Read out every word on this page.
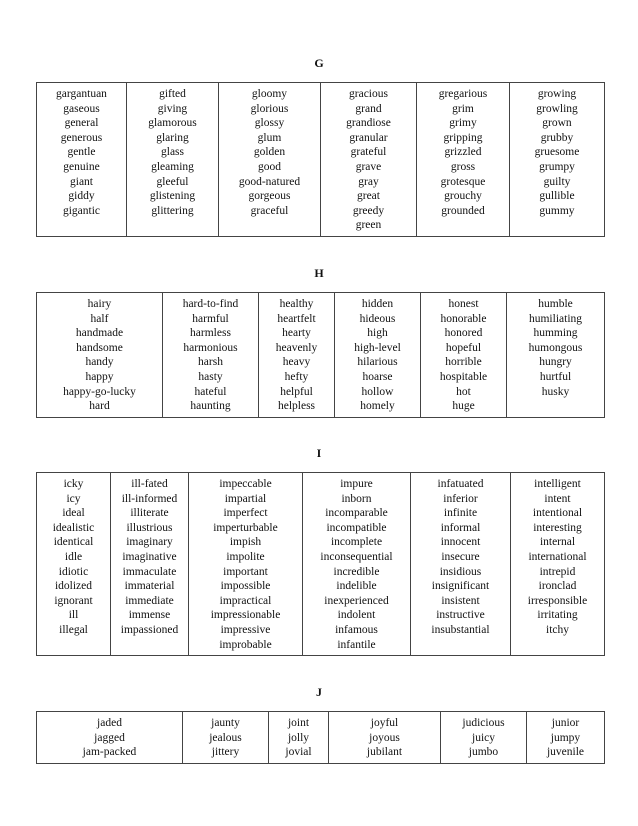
G
gargantuan
gaseous
general
generous
gentle
genuine
giant
giddy
gigantic

gifted
giving
glamorous
glaring
glass
gleaming
gleeful
glistening
glittering

gloomy
glorious
glossy
glum
golden
good
good-natured
gorgeous
graceful

gracious
grand
grandiose
granular
grateful
grave
gray
great
greedy
green

gregarious
grim
grimy
gripping
grizzled
gross
grotesque
grouchy
grounded

growing
growling
grown
grubby
gruesome
grumpy
guilty
gullible
gummy
H
hairy
half
handmade
handsome
handy
happy
happy-go-lucky
hard

hard-to-find
harmful
harmless
harmonious
harsh
hasty
hateful
haunting

healthy
heartfelt
hearty
heavenly
heavy
hefty
helpful
helpless

hidden
hideous
high
high-level
hilarious
hoarse
hollow
homely

honest
honorable
honored
hopeful
horrible
hospitable
hot
huge

humble
humiliating
humming
humongous
hungry
hurtful
husky
I
icky
icy
ideal
idealistic
identical
idle
idiotic
idolized
ignorant
ill
illegal

ill-fated
ill-informed
illiterate
illustrious
imaginary
imaginative
immaculate
immaterial
immediate
immense
impassioned

impeccable
impartial
imperfect
imperturbable
impish
impolite
important
impossible
impractical
impressionable
impressive
improbable

impure
inborn
incomparable
incompatible
incomplete
inconsequential
incredible
indelible
inexperienced
indolent
infamous
infantile

infatuated
inferior
infinite
informal
innocent
insecure
insidious
insignificant
insistent
instructive
insubstantial

intelligent
intent
intentional
interesting
internal
international
intrepid
ironclad
irresponsible
irritating
itchy
J
jaded
jagged
jam-packed

jaunty
jealous
jittery

joint
jolly
jovial

joyful
joyous
jubilant

judicious
juicy
jumbo

junior
jumpy
juvenile
